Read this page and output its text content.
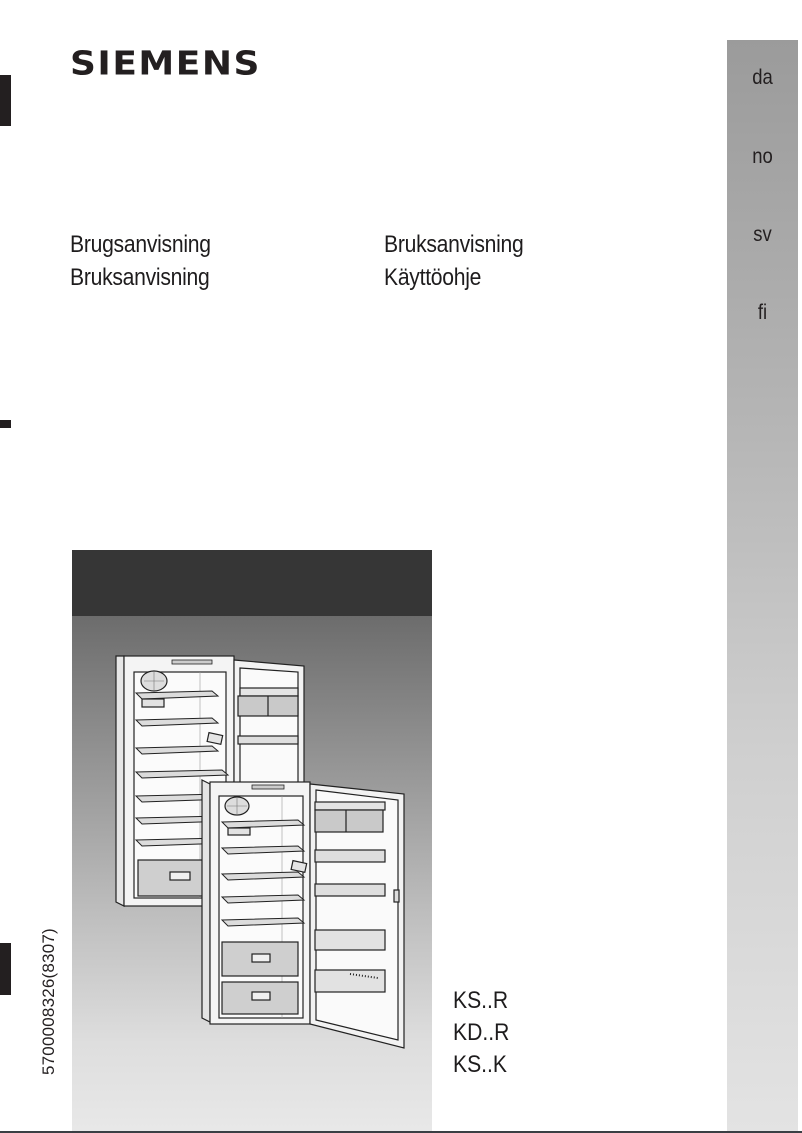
SIEMENS
Brugsanvisning	Bruksanvisning
Bruksanvisning	Käyttöohje
da
no
sv
fi
5700008326(8307)	KS..R
KD..R
KS..K
